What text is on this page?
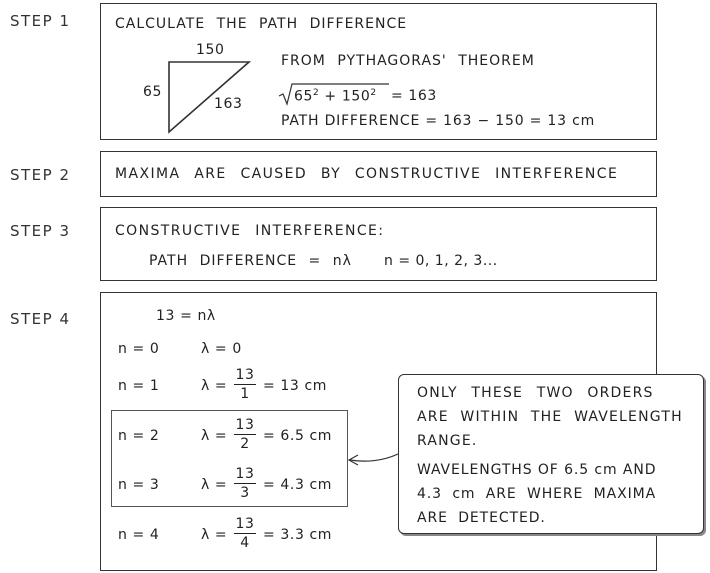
STEP 1	CALCULATE THE PATH DIFFERENCE
150
65
163
FROM PYTHAGORAS' THEOREM
$65^2 + 150^2 = 163$
PATH DIFFERENCE = 163 − 150 = 13 cm
STEP 2	MAXIMA ARE CAUSED BY CONSTRUCTIVE INTERFERENCE
STEP 3	CONSTRUCTIVE INTERFERENCE:
PATH DIFFERENCE = nλ n = 0, 1, 2, 3...
STEP 4	13 = nλ
n = 0	λ = 0
n = 1	λ =
13
1 = 13 cm
n = 2	λ =
13
2 = 6.5 cm
n = 3	λ =
13
3 = 4.3 cm
n = 4	λ =
13
4 = 3.3 cm
ONLY THESE TWO ORDERS
ARE WITHIN THE WAVELENGTH
RANGE.
WAVELENGTHS OF 6.5 cm AND
4.3 cm ARE WHERE MAXIMA
ARE DETECTED.
